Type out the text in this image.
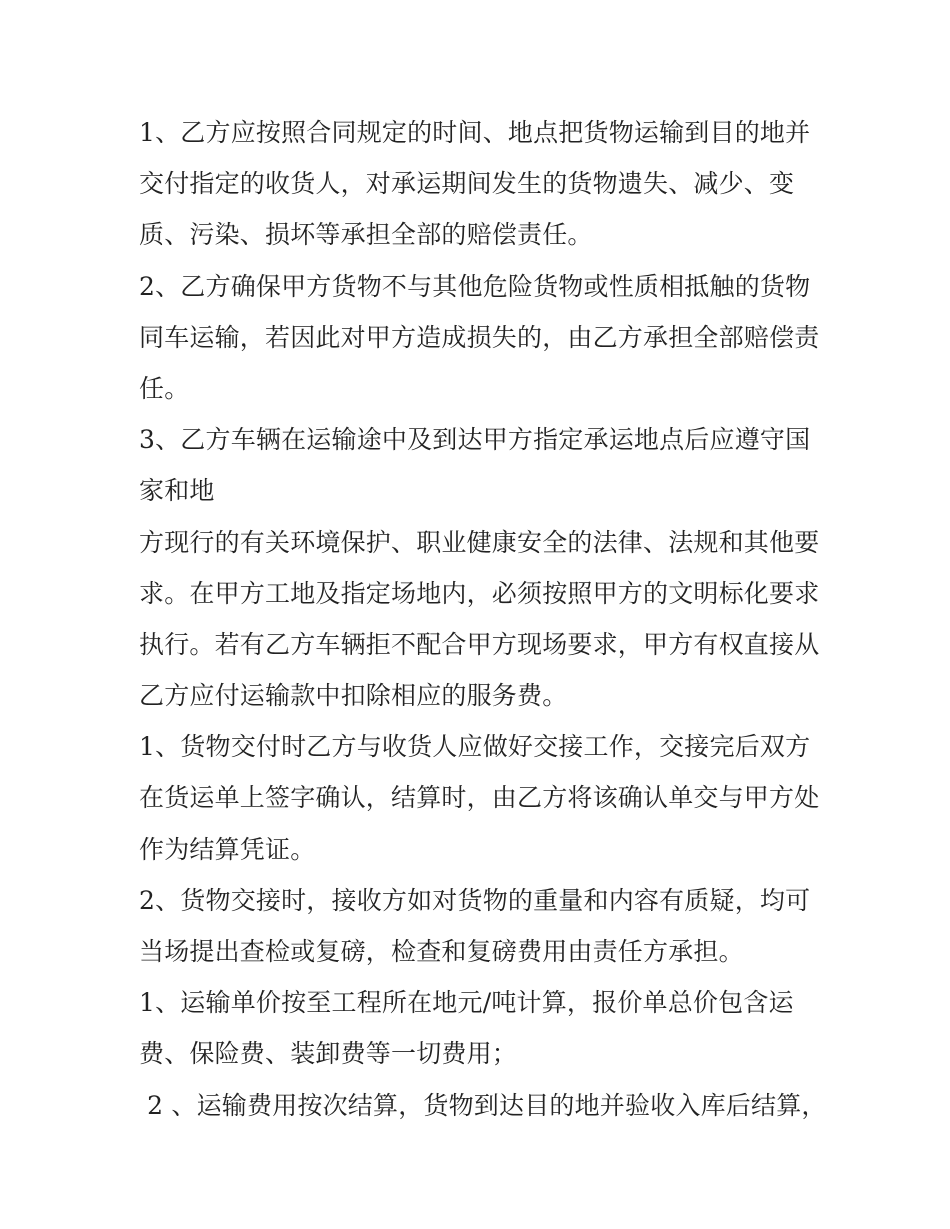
1、乙方应按照合同规定的时间、地点把货物运输到目的地并
交付指定的收货人，对承运期间发生的货物遗失、减少、变
质、污染、损坏等承担全部的赔偿责任。
2、乙方确保甲方货物不与其他危险货物或性质相抵触的货物
同车运输，若因此对甲方造成损失的，由乙方承担全部赔偿责
任。
3、乙方车辆在运输途中及到达甲方指定承运地点后应遵守国
家和地
方现行的有关环境保护、职业健康安全的法律、法规和其他要
求。在甲方工地及指定场地内，必须按照甲方的文明标化要求
执行。若有乙方车辆拒不配合甲方现场要求，甲方有权直接从
乙方应付运输款中扣除相应的服务费。
1、货物交付时乙方与收货人应做好交接工作，交接完后双方
在货运单上签字确认，结算时，由乙方将该确认单交与甲方处
作为结算凭证。
2、货物交接时，接收方如对货物的重量和内容有质疑，均可
当场提出查检或复磅，检查和复磅费用由责任方承担。
1、运输单价按至工程所在地元/吨计算，报价单总价包含运
费、保险费、装卸费等一切费用；
2 、运输费用按次结算，货物到达目的地并验收入库后结算，
